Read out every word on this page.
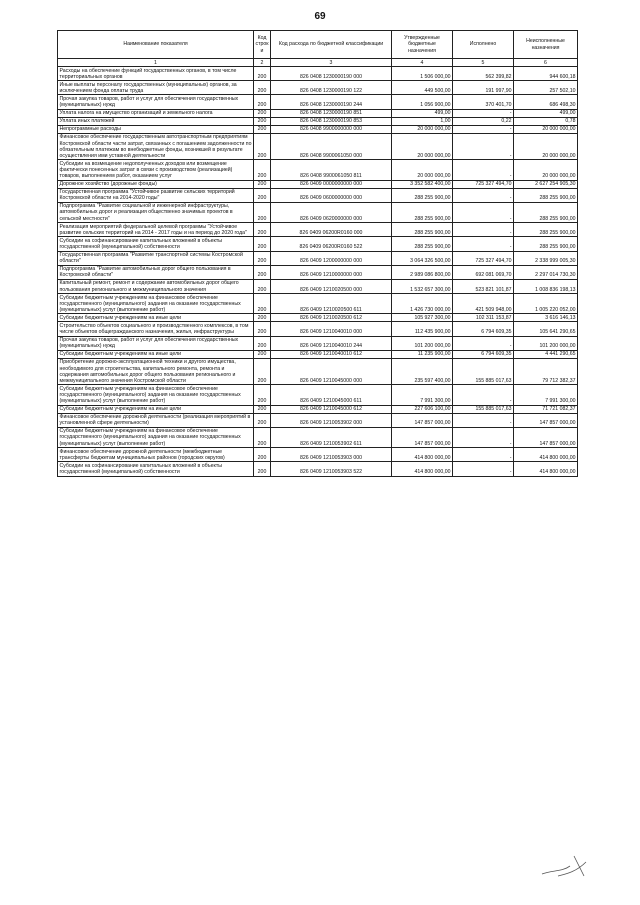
69
Наименование показателя	Код строк и	Код расхода по бюджетной классификации	Утвержденные бюджетные назначения	Исполнено	Неисполненные назначения
1	2	3	4	5	6
Расходы на обеспечение функций государственных органов, в том числе территориальных органов	200	826 0408 1230000190 000	1 506 000,00	562 399,82	944 600,18
Иные выплаты персоналу государственных (муниципальных) органов, за исключением фонда оплаты труда	200	826 0408 1230000190 122	449 500,00	191 997,90	257 502,10
Прочая закупка товаров, работ и услуг для обеспечения государственных (муниципальных) нужд	200	826 0408 1230000190 244	1 056 900,00	370 401,70	686 498,30
Уплата налога на имущество организаций и земельного налога	200	826 0408 1230000190 851	499,00	-	499,00
Уплата иных платежей	200	826 0408 1230000190 853	1,00	0,22	0,78
Непрограммные расходы	200	826 0408 9900000000 000	20 000 000,00	-	20 000 000,00
Финансовое обеспечение государственным автотранспортным предприятиям Костромской области части затрат, связанных с погашением задолженности по обязательным платежам во внебюджетные фонды, возникшей в результате осуществления ими уставной деятельности	200	826 0408 9900061050 000	20 000 000,00	-	20 000 000,00
Субсидии на возмещение недополученных доходов или возмещение фактически понесенных затрат в связи с производством (реализацией) товаров, выполнением работ, оказанием услуг	200	826 0408 9900061050 811	20 000 000,00	-	20 000 000,00
Дорожное хозяйство (дорожные фонды)	200	826 0409 0000000000 000	3 352 582 400,00	725 327 494,70	2 627 254 905,30
Государственная программа "Устойчивое развитие сельских территорий Костромской области на 2014-2020 годы"	200	826 0409 0600000000 000	288 255 900,00	-	288 255 900,00
Подпрограмма "Развитие социальной и инженерной инфраструктуры, автомобильных дорог и реализация общественно значимых проектов в сельской местности"	200	826 0409 0620000000 000	288 255 900,00	-	288 255 900,00
Реализация мероприятий федеральной целевой программы "Устойчивое развитие сельских территорий на 2014 - 2017 годы и на период до 2020 года"	200	826 0409 06200R0160 000	288 255 900,00	-	288 255 900,00
Субсидии на софинансирование капитальных вложений в объекты государственной (муниципальной) собственности	200	826 0409 06200R0160 522	288 255 900,00	-	288 255 900,00
Государственная программа "Развитие транспортной системы Костромской области"	200	826 0409 1200000000 000	3 064 326 500,00	725 327 494,70	2 338 999 005,30
Подпрограмма "Развитие автомобильных дорог общего пользования в Костромской области"	200	826 0409 1210000000 000	2 989 086 800,00	692 081 069,70	2 297 014 730,30
Капитальный ремонт, ремонт и содержание автомобильных дорог общего пользования регионального и межмуниципального значения	200	826 0409 1210020500 000	1 532 657 300,00	523 821 101,87	1 008 836 198,13
Субсидии бюджетным учреждениям на финансовое обеспечение государственного (муниципального) задания на оказание государственных (муниципальных) услуг (выполнение работ)	200	826 0409 1210020500 611	1 426 730 000,00	421 509 948,00	1 005 220 052,00
Субсидии бюджетным учреждениям на иные цели	200	826 0409 1210020500 612	105 927 300,00	102 311 153,87	3 616 146,13
Строительство объектов социального и производственного комплексов, в том числе объектов общегражданского назначения, жилья, инфраструктуры	200	826 0409 1210040010 000	112 435 900,00	6 794 609,35	105 641 290,65
Прочая закупка товаров, работ и услуг для обеспечения государственных (муниципальных) нужд	200	826 0409 1210040010 244	101 200 000,00	-	101 200 000,00
Субсидии бюджетным учреждениям на иные цели	200	826 0409 1210040010 612	11 235 900,00	6 794 609,35	4 441 290,65
Приобретение дорожно-эксплуатационной техники и другого имущества, необходимого для строительства, капитального ремонта, ремонта и содержания автомобильных дорог общего пользования регионального и межмуниципального значения Костромской области	200	826 0409 1210045000 000	235 597 400,00	155 885 017,63	79 712 382,37
Субсидии бюджетным учреждениям на финансовое обеспечение государственного (муниципального) задания на оказание государственных (муниципальных) услуг (выполнение работ)	200	826 0409 1210045000 611	7 991 300,00	-	7 991 300,00
Субсидии бюджетным учреждениям на иные цели	200	826 0409 1210045000 612	227 606 100,00	155 885 017,63	71 721 082,37
Финансовое обеспечение дорожной деятельности (реализация мероприятий в установленной сфере деятельности)	200	826 0409 1210053902 000	147 857 000,00	-	147 857 000,00
Субсидии бюджетным учреждениям на финансовое обеспечение государственного (муниципального) задания на оказание государственных (муниципальных) услуг (выполнение работ)	200	826 0409 1210053902 611	147 857 000,00	-	147 857 000,00
Финансовое обеспечение дорожной деятельности (межбюджетные трансферты бюджетам муниципальных районов (городских округов)	200	826 0409 1210053903 000	414 800 000,00	-	414 800 000,00
Субсидии на софинансирование капитальных вложений в объекты государственной (муниципальной) собственности	200	826 0409 1210053903 522	414 800 000,00	-	414 800 000,00
